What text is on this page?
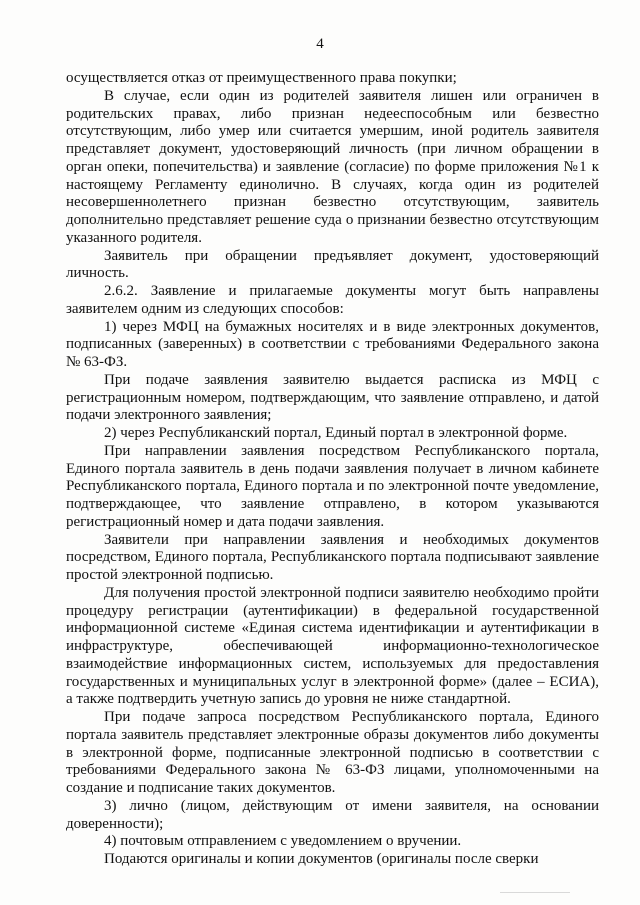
4

осуществляется отказ от преимущественного права покупки;

В случае, если один из родителей заявителя лишен или ограничен в родительских правах, либо признан недееспособным или безвестно отсутствующим, либо умер или считается умершим, иной родитель заявителя представляет документ, удостоверяющий личность (при личном обращении в орган опеки, попечительства) и заявление (согласие) по форме приложения №1 к настоящему Регламенту единолично. В случаях, когда один из родителей несовершеннолетнего признан безвестно отсутствующим, заявитель дополнительно представляет решение суда о признании безвестно отсутствующим указанного родителя.

Заявитель при обращении предъявляет документ, удостоверяющий личность.

2.6.2. Заявление и прилагаемые документы могут быть направлены заявителем одним из следующих способов:

1) через МФЦ на бумажных носителях и в виде электронных документов, подписанных (заверенных) в соответствии с требованиями Федерального закона № 63-ФЗ.

При подаче заявления заявителю выдается расписка из МФЦ с регистрационным номером, подтверждающим, что заявление отправлено, и датой подачи электронного заявления;

2) через Республиканский портал, Единый портал в электронной форме.

При направлении заявления посредством Республиканского портала, Единого портала заявитель в день подачи заявления получает в личном кабинете Республиканского портала, Единого портала и по электронной почте уведомление, подтверждающее, что заявление отправлено, в котором указываются регистрационный номер и дата подачи заявления.

Заявители при направлении заявления и необходимых документов посредством, Единого портала, Республиканского портала подписывают заявление простой электронной подписью.

Для получения простой электронной подписи заявителю необходимо пройти процедуру регистрации (аутентификации) в федеральной государственной информационной системе «Единая система идентификации и аутентификации в инфраструктуре, обеспечивающей информационно-технологическое взаимодействие информационных систем, используемых для предоставления государственных и муниципальных услуг в электронной форме» (далее – ЕСИА), а также подтвердить учетную запись до уровня не ниже стандартной.

При подаче запроса посредством Республиканского портала, Единого портала заявитель представляет электронные образы документов либо документы в электронной форме, подписанные электронной подписью в соответствии с требованиями Федерального закона № 63-ФЗ лицами, уполномоченными на создание и подписание таких документов.

3) лично (лицом, действующим от имени заявителя, на основании доверенности);

4) почтовым отправлением с уведомлением о вручении.

Подаются оригиналы и копии документов (оригиналы после сверки
